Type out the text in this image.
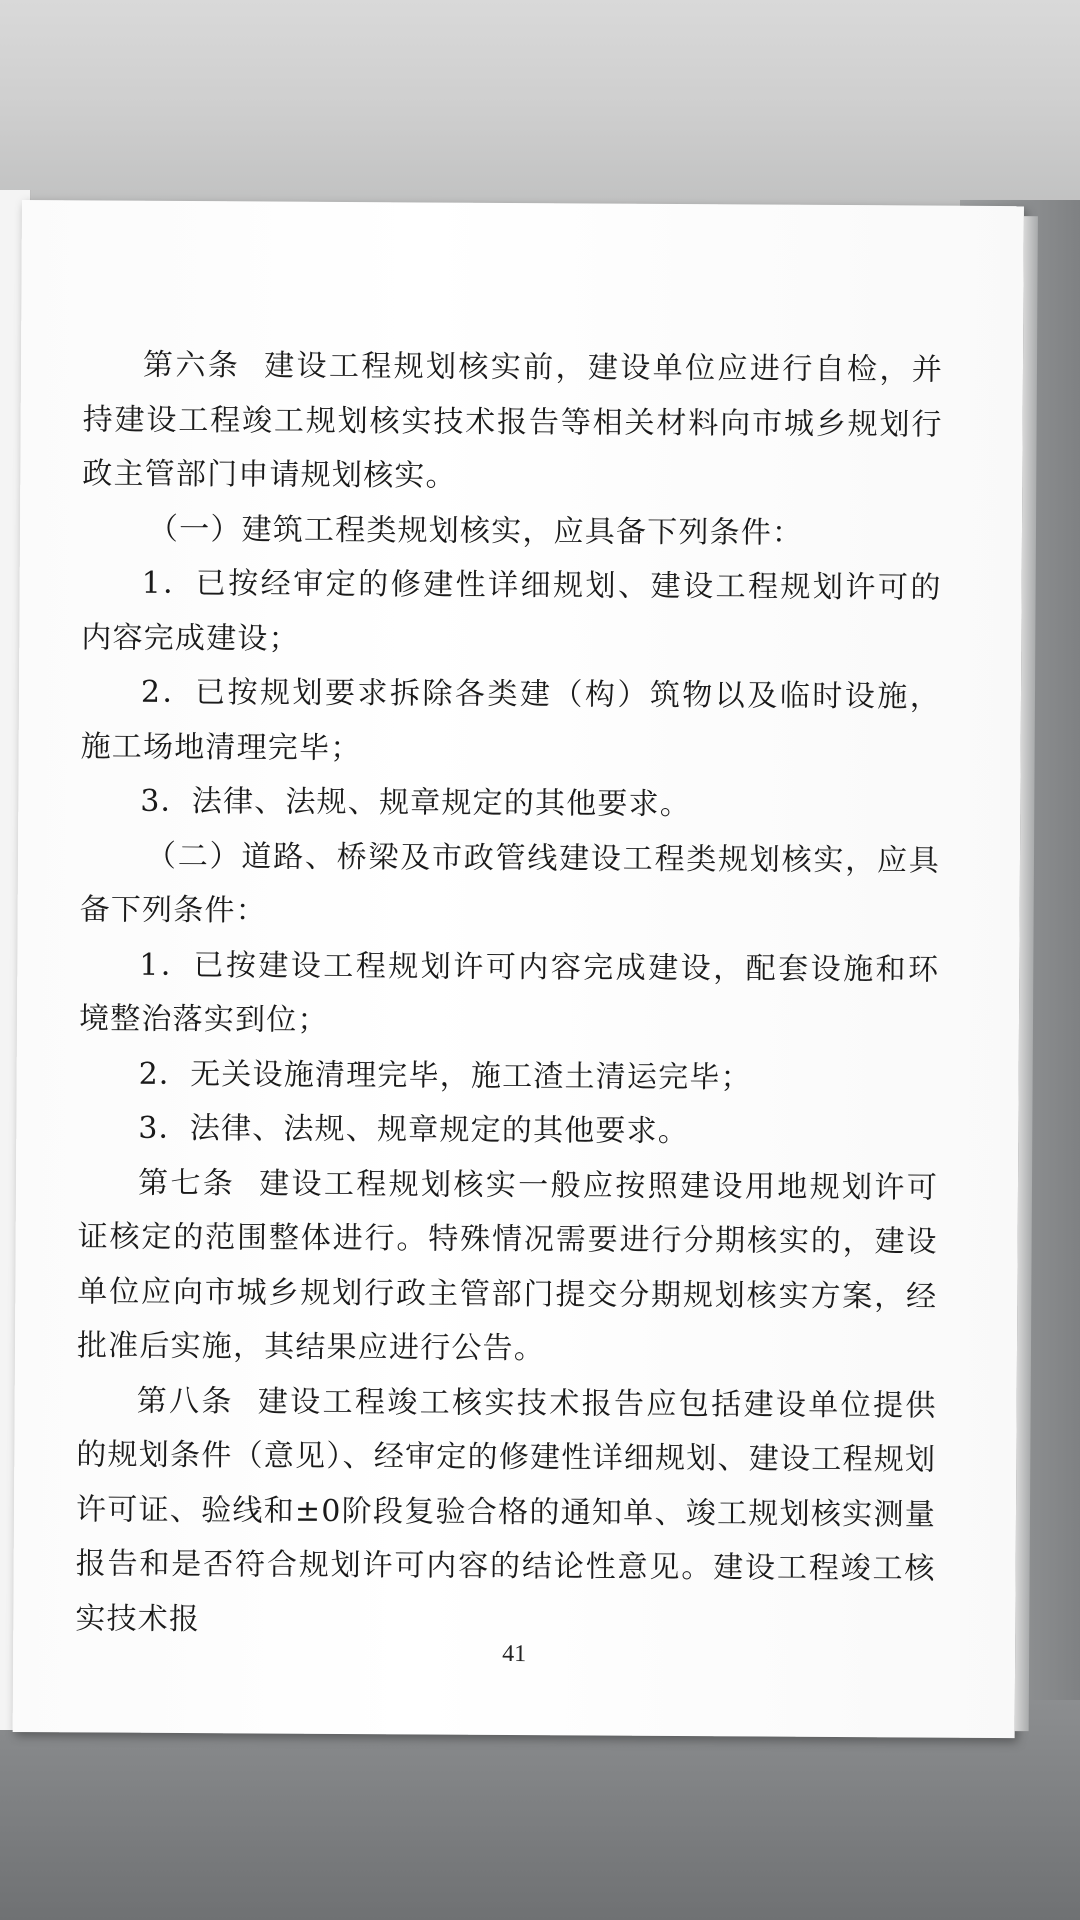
第六条 建设工程规划核实前，建设单位应进行自检，并持建设工程竣工规划核实技术报告等相关材料向市城乡规划行政主管部门申请规划核实。

（一）建筑工程类规划核实，应具备下列条件：

1．已按经审定的修建性详细规划、建设工程规划许可的内容完成建设；

2．已按规划要求拆除各类建（构）筑物以及临时设施，施工场地清理完毕；

3．法律、法规、规章规定的其他要求。

（二）道路、桥梁及市政管线建设工程类规划核实，应具备下列条件：

1．已按建设工程规划许可内容完成建设，配套设施和环境整治落实到位；

2．无关设施清理完毕，施工渣土清运完毕；

3．法律、法规、规章规定的其他要求。

第七条 建设工程规划核实一般应按照建设用地规划许可证核定的范围整体进行。特殊情况需要进行分期核实的，建设单位应向市城乡规划行政主管部门提交分期规划核实方案，经批准后实施，其结果应进行公告。

第八条 建设工程竣工核实技术报告应包括建设单位提供的规划条件（意见）、经审定的修建性详细规划、建设工程规划许可证、验线和±0阶段复验合格的通知单、竣工规划核实测量报告和是否符合规划许可内容的结论性意见。建设工程竣工核实技术报

41
